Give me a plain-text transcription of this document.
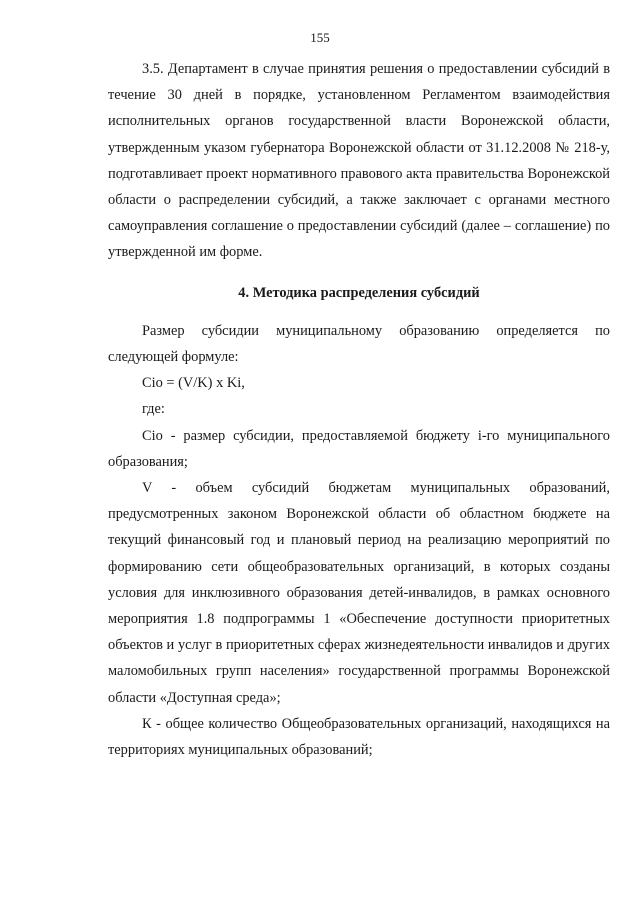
155

3.5. Департамент в случае принятия решения о предоставлении субсидий в течение 30 дней в порядке, установленном Регламентом взаимодействия исполнительных органов государственной власти Воронежской области, утвержденным указом губернатора Воронежской области от 31.12.2008 № 218-у, подготавливает проект нормативного правового акта правительства Воронежской области о распределении субсидий, а также заключает с органами местного самоуправления соглашение о предоставлении субсидий (далее – соглашение) по утвержденной им форме.

4. Методика распределения субсидий

Размер субсидии муниципальному образованию определяется по следующей формуле:

Сiо = (V/K) x Ki,

где:

Сiо - размер субсидии, предоставляемой бюджету i-го муниципального образования;

V - объем субсидий бюджетам муниципальных образований, предусмотренных законом Воронежской области об областном бюджете на текущий финансовый год и плановый период на реализацию мероприятий по формированию сети общеобразовательных организаций, в которых созданы условия для инклюзивного образования детей-инвалидов, в рамках основного мероприятия 1.8 подпрограммы 1 «Обеспечение доступности приоритетных объектов и услуг в приоритетных сферах жизнедеятельности инвалидов и других маломобильных групп населения» государственной программы Воронежской области «Доступная среда»;

К - общее количество Общеобразовательных организаций, находящихся на территориях муниципальных образований;
